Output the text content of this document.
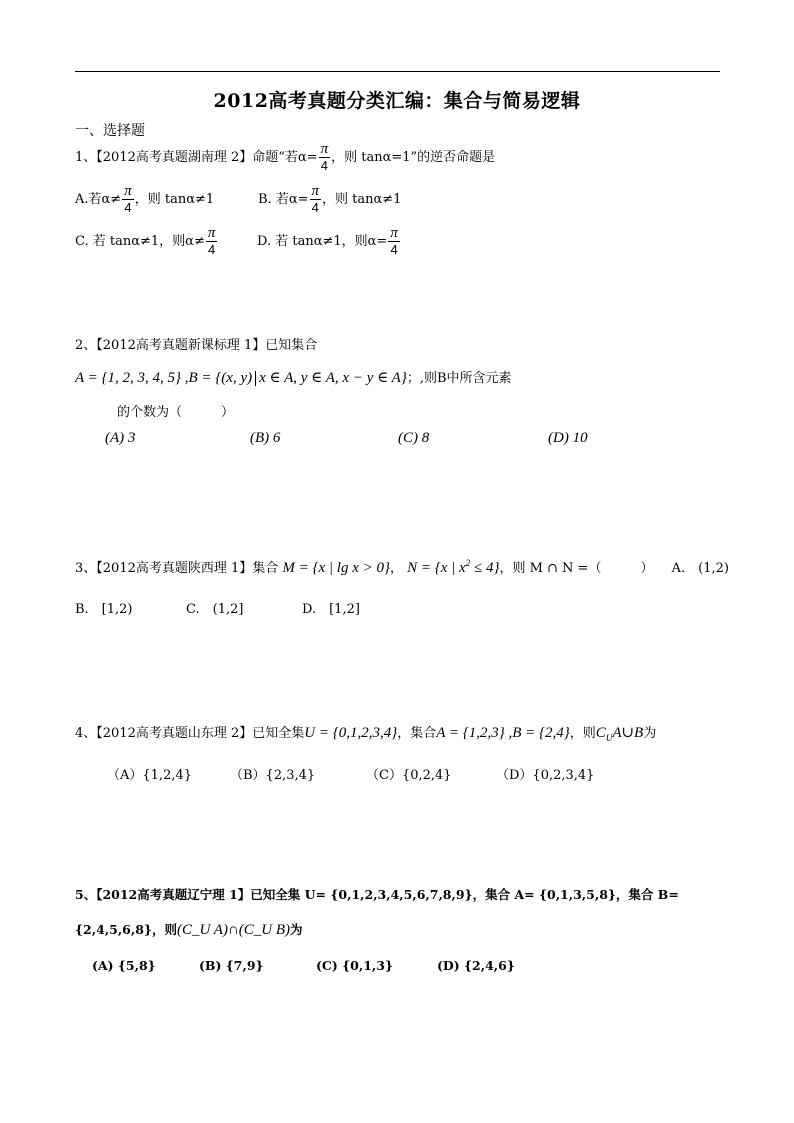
2012高考真题分类汇编：集合与简易逻辑
一、选择题
1、【2012高考真题湖南理 2】命题“若$\alpha= \frac{\pi}{4}$ ，则 tanα=1”的逆否命题是
A.若$\alpha\ne \frac{\pi}{4}$ ，则 tanα≠1	B. 若$\alpha= \frac{\pi}{4}$ ，则 tanα≠1
C. 若 tanα≠1，则$\alpha\ne \frac{\pi}{4}$	D. 若 tanα≠1，则$\alpha= \frac{\pi}{4}$
2、【2012高考真题新课标理 1】已知集合
A = {1, 2, 3, 4, 5} ,B = {(x, y) x ∈ A, y ∈ A, x − y ∈ A}；,则B中所含元素
的个数为（　　　）
(A) 3	(B) 6	(C) 8	(D) 10
3、【2012高考真题陕西理 1】集合 M = {x | lg x > 0}， N = {x | $x^2 \le 4$}，则 M ∩ N =（　　　） A.　(1,2)
B.　[1,2)	C.　(1,2]	D.　[1,2]
4、【2012高考真题山东理 2】已知全集U = {0,1,2,3,4}，集合A = {1,2,3} ,B = {2,4}，则$C_UA\cup B$为
（A）{1,2,4}	（B）{2,3,4}	（C）{0,2,4}	（D）{0,2,3,4}
5、【2012高考真题辽宁理 1】已知全集 U= {0,1,2,3,4,5,6,7,8,9}，集合 A= {0,1,3,5,8}，集合 B=
{2,4,5,6,8}，则(C_U A)∩(C_U B)为
(A) {5,8}	(B) {7,9}	(C) {0,1,3}	(D) {2,4,6}
